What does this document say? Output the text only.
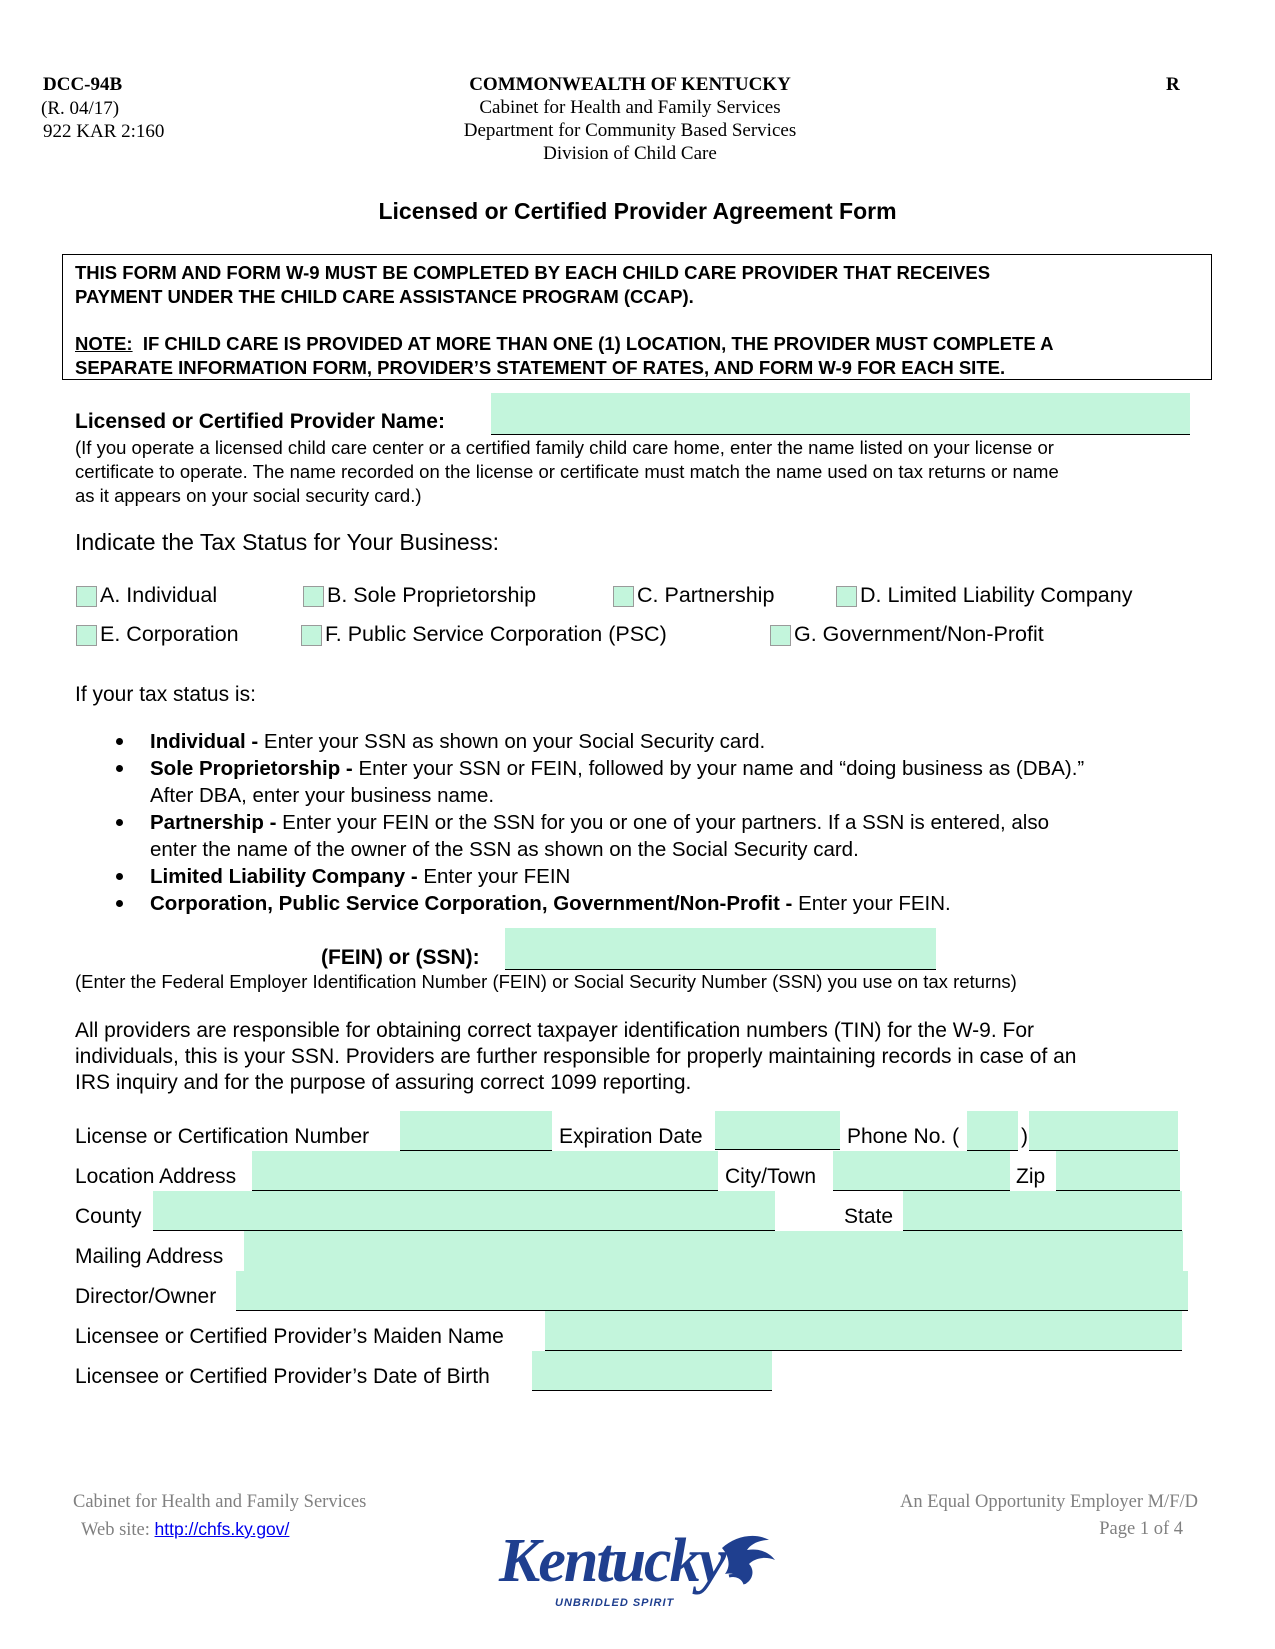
DCC-94B
(R. 04/17)
922 KAR 2:160
COMMONWEALTH OF KENTUCKY
Cabinet for Health and Family Services
Department for Community Based Services
Division of Child Care
R
Licensed or Certified Provider Agreement Form

THIS FORM AND FORM W-9 MUST BE COMPLETED BY EACH CHILD CARE PROVIDER THAT RECEIVES

PAYMENT UNDER THE CHILD CARE ASSISTANCE PROGRAM (CCAP).

NOTE:  IF CHILD CARE IS PROVIDED AT MORE THAN ONE (1) LOCATION, THE PROVIDER MUST COMPLETE A

SEPARATE INFORMATION FORM, PROVIDER’S STATEMENT OF RATES, AND FORM W-9 FOR EACH SITE.

Licensed or Certified Provider Name:
(If you operate a licensed child care center or a certified family child care home, enter the name listed on your license or
certificate to operate. The name recorded on the license or certificate must match the name used on tax returns or name
as it appears on your social security card.)
Indicate the Tax Status for Your Business:
A. Individual	B. Sole Proprietorship	C. Partnership	D. Limited Liability Company
E. Corporation	F. Public Service Corporation (PSC)	G. Government/Non-Profit
If your tax status is:
Individual - Enter your SSN as shown on your Social Security card.
Sole Proprietorship - Enter your SSN or FEIN, followed by your name and “doing business as (DBA).”
After DBA, enter your business name.
Partnership - Enter your FEIN or the SSN for you or one of your partners. If a SSN is entered, also
enter the name of the owner of the SSN as shown on the Social Security card.
Limited Liability Company - Enter your FEIN
Corporation, Public Service Corporation, Government/Non-Profit - Enter your FEIN.
(FEIN) or (SSN):
(Enter the Federal Employer Identification Number (FEIN) or Social Security Number (SSN) you use on tax returns)
All providers are responsible for obtaining correct taxpayer identification numbers (TIN) for the W-9. For
individuals, this is your SSN. Providers are further responsible for properly maintaining records in case of an
IRS inquiry and for the purpose of assuring correct 1099 reporting.
License or Certification Number	Expiration Date	Phone No. (	)
Location Address	City/Town	Zip
County	State
Mailing Address
Director/Owner
Licensee or Certified Provider’s Maiden Name
Licensee or Certified Provider’s Date of Birth
Cabinet for Health and Family Services
Web site: http://chfs.ky.gov/
An Equal Opportunity Employer M/F/D
Page 1 of 4
Kentucky
UNBRIDLED SPIRIT
